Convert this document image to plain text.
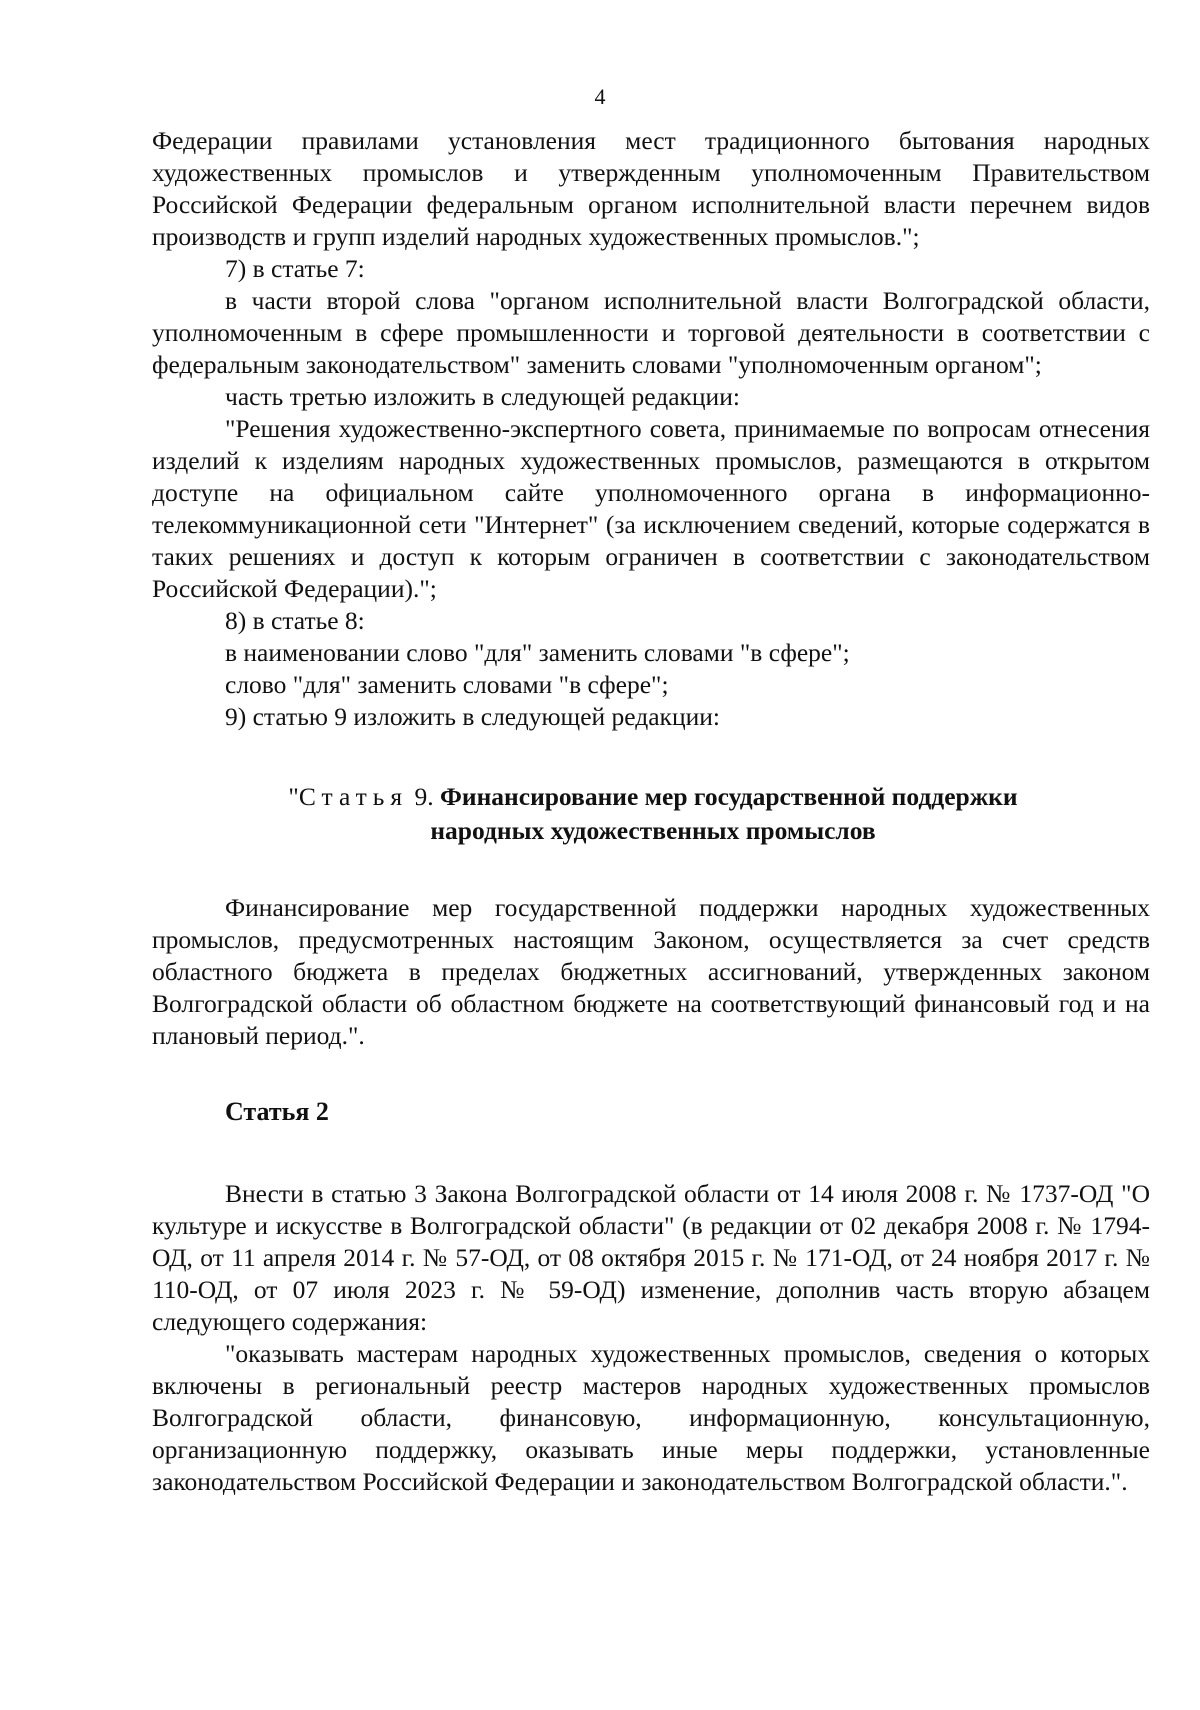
4

Федерации правилами установления мест традиционного бытования народных художественных промыслов и утвержденным уполномоченным Правительством Российской Федерации федеральным органом исполнительной власти перечнем видов производств и групп изделий народных художественных промыслов.";

7) в статье 7:

в части второй слова "органом исполнительной власти Волгоградской области, уполномоченным в сфере промышленности и торговой деятельности в соответствии с федеральным законодательством" заменить словами "уполномоченным органом";

часть третью изложить в следующей редакции:

"Решения художественно-экспертного совета, принимаемые по вопросам отнесения изделий к изделиям народных художественных промыслов, размещаются в открытом доступе на официальном сайте уполномоченного органа в информационно-телекоммуникационной сети "Интернет" (за исключением сведений, которые содержатся в таких решениях и доступ к которым ограничен в соответствии с законодательством Российской Федерации).";

8) в статье 8:

в наименовании слово "для" заменить словами "в сфере";

слово "для" заменить словами "в сфере";

9) статью 9 изложить в следующей редакции:

"Статья 9. Финансирование мер государственной поддержки
народных художественных промыслов

Финансирование мер государственной поддержки народных художественных промыслов, предусмотренных настоящим Законом, осуществляется за счет средств областного бюджета в пределах бюджетных ассигнований, утвержденных законом Волгоградской области об областном бюджете на соответствующий финансовый год и на плановый период.".

Статья 2

Внести в статью 3 Закона Волгоградской области от 14 июля 2008 г. № 1737-ОД "О культуре и искусстве в Волгоградской области" (в редакции от 02 декабря 2008 г. № 1794-ОД, от 11 апреля 2014 г. № 57-ОД, от 08 октября 2015 г. № 171-ОД, от 24 ноября 2017 г. № 110-ОД, от 07 июля 2023 г. № 59-ОД) изменение, дополнив часть вторую абзацем следующего содержания:

"оказывать мастерам народных художественных промыслов, сведения о которых включены в региональный реестр мастеров народных художественных промыслов Волгоградской области, финансовую, информационную, консультационную, организационную поддержку, оказывать иные меры поддержки, установленные законодательством Российской Федерации и законодательством Волгоградской области.".
